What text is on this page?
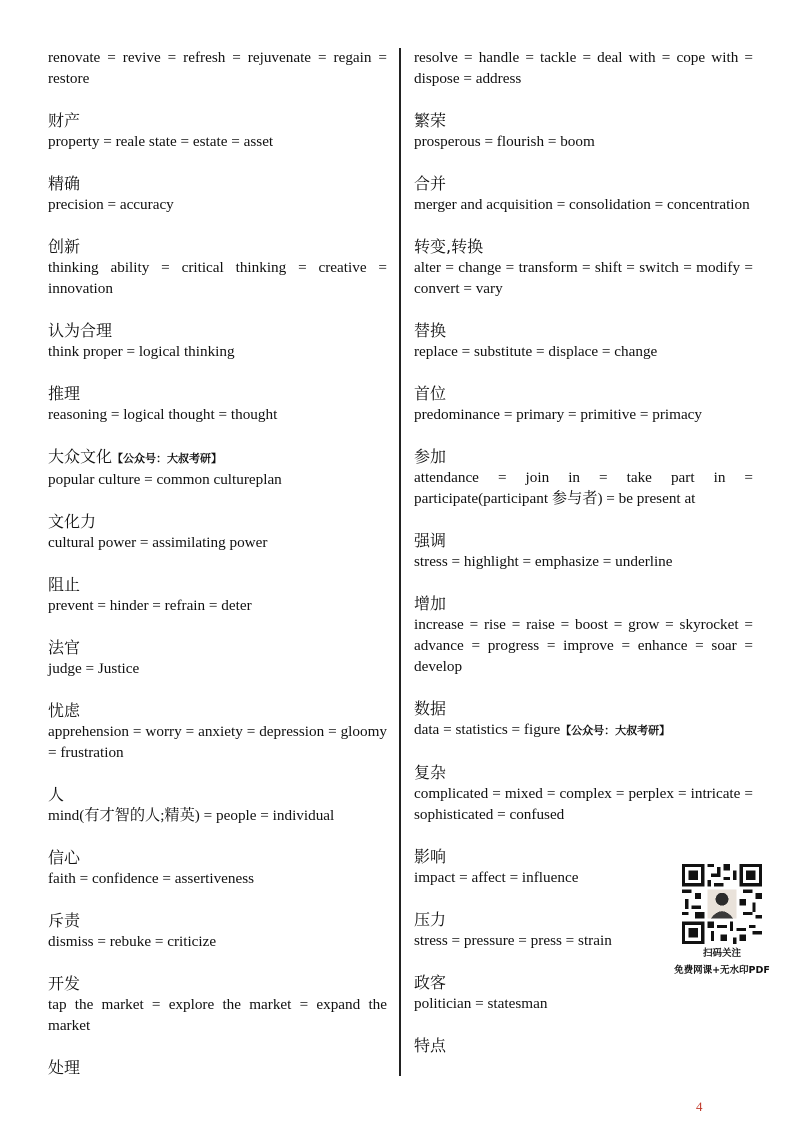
renovate = revive = refresh = rejuvenate = regain = restore
财产
property = reale state = estate = asset
精确
precision = accuracy
创新
thinking ability = critical thinking = creative = innovation
认为合理
think proper = logical thinking
推理
reasoning = logical thought = thought
大众文化【公众号：大叔考研】
popular culture = common cultureplan
文化力
cultural power = assimilating power
阻止
prevent = hinder = refrain = deter
法官
judge = Justice
忧虑
apprehension = worry = anxiety = depression = gloomy = frustration
人
mind(有才智的人;精英) = people = individual
信心
faith = confidence = assertiveness
斥责
dismiss = rebuke = criticize
开发
tap the market = explore the market = expand the market
处理
resolve = handle = tackle = deal with = cope with = dispose = address
繁荣
prosperous = flourish = boom
合并
merger and acquisition = consolidation = concentration
转变,转换
alter = change = transform = shift = switch = modify = convert = vary
替换
replace = substitute = displace = change
首位
predominance = primary = primitive = primacy
参加
attendance = join in = take part in = participate(participant 参与者) = be present at
强调
stress = highlight = emphasize = underline
增加
increase = rise = raise = boost = grow = skyrocket = advance = progress = improve = enhance = soar = develop
数据
data = statistics = figure【公众号：大叔考研】
复杂
complicated = mixed = complex = perplex = intricate = sophisticated = confused
影响
impact = affect = influence
压力
stress = pressure = press = strain
政客
politician = statesman
特点
扫码关注
免费网课+无水印PDF
4
